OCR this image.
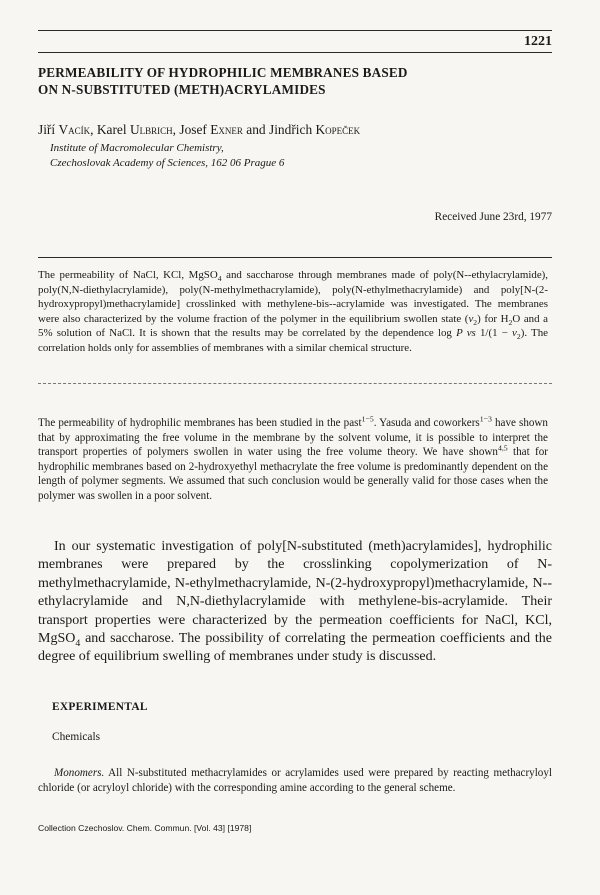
1221
PERMEABILITY OF HYDROPHILIC MEMBRANES BASED
ON N-SUBSTITUTED (METH)ACRYLAMIDES
Jiří Vacík, Karel Ulbrich, Josef Exner and Jindřich Kopeček
Institute of Macromolecular Chemistry,
Czechoslovak Academy of Sciences, 162 06 Prague 6
Received June 23rd, 1977

The permeability of NaCl, KCl, MgSO$_4$ and saccharose through membranes made of poly(N--ethylacrylamide), poly(N,N-diethylacrylamide), poly(N-methylmethacrylamide), poly(N-ethylmethacrylamide) and poly[N-(2-hydroxypropyl)methacrylamide] crosslinked with methylene-bis--acrylamide was investigated. The membranes were also characterized by the volume fraction of the polymer in the equilibrium swollen state $(v_2)$ for $H_2O$ and a 5% solution of NaCl. It is shown that the results may be correlated by the dependence log P vs $1/(1 - v_2)$. The correlation holds only for assemblies of membranes with a similar chemical structure.

The permeability of hydrophilic membranes has been studied in the past$^{1-5}$. Yasuda and coworkers$^{1-3}$ have shown that by approximating the free volume in the membrane by the solvent volume, it is possible to interpret the transport properties of polymers swollen in water using the free volume theory. We have shown$^{4,5}$ that for hydrophilic membranes based on 2-hydroxyethyl methacrylate the free volume is predominantly dependent on the length of polymer segments. We assumed that such conclusion would be generally valid for those cases when the polymer was swollen in a poor solvent.

In our systematic investigation of poly[N-substituted (meth)acrylamides], hydrophilic membranes were prepared by the crosslinking copolymerization of N-methylmethacrylamide, N-ethylmethacrylamide, N-(2-hydroxypropyl)methacrylamide, N--ethylacrylamide and N,N-diethylacrylamide with methylene-bis-acrylamide. Their transport properties were characterized by the permeation coefficients for NaCl, KCl, MgSO$_4$ and saccharose. The possibility of correlating the permeation coefficients and the degree of equilibrium swelling of membranes under study is discussed.

EXPERIMENTAL
Chemicals

Monomers. All N-substituted methacrylamides or acrylamides used were prepared by reacting methacryloyl chloride (or acryloyl chloride) with the corresponding amine according to the general scheme.

Collection Czechoslov. Chem. Commun. [Vol. 43] [1978]
